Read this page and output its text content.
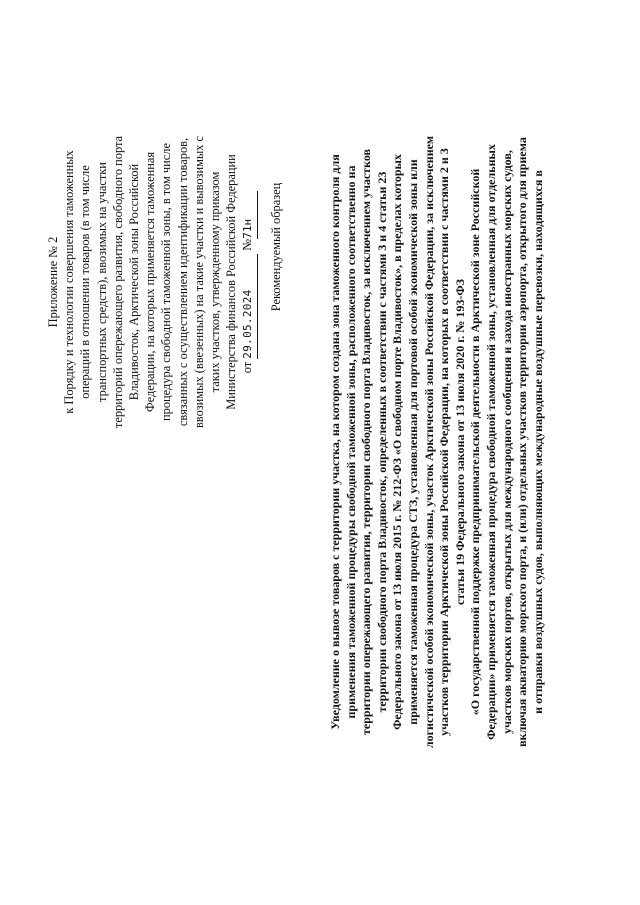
Приложение № 2 к Порядку и технологии совершения таможенных операций в отношении товаров (в том числе транспортных средств), ввозимых на участки территорий опережающего развития, свободного порта Владивосток, Арктической зоны Российской Федерации, на которых применяется таможенная процедура свободной таможенной зоны, в том числе связанных с осуществлением идентификации товаров, ввозимых (ввезенных) на такие участки и вывозимых с таких участков, утвержденному приказом Министерства финансов Российской Федерации от 29.05.2024 №71н Рекомендуемый образец	Уведомление о вывозе товаров с территории участка, на котором создана зона таможенного контроля для применения таможенной процедуры свободной таможенной зоны, расположенного соответственно на территории опережающего развития, территории свободного порта Владивосток, за исключением участков территории свободного порта Владивосток, определенных в соответствии с частями 3 и 4 статьи 23 Федерального закона от 13 июля 2015 г. № 212-ФЗ «О свободном порте Владивосток», в пределах которых применяется таможенная процедура СТЗ, установленная для портовой особой экономической зоны или логистической особой экономической зоны, участок Арктической зоны Российской Федерации, за исключением участков территории Арктической зоны Российской Федерации, на которых в соответствии с частями 2 и 3 статьи 19 Федерального закона от 13 июля 2020 г. № 193-ФЗ «О государственной поддержке предпринимательской деятельности в Арктической зоне Российской Федерации» применяется таможенная процедура свободной таможенной зоны, установленная для отдельных участков морских портов, открытых для международного сообщения и захода иностранных морских судов, включая акваторию морского порта, и (или) отдельных участков территории аэропорта, открытого для приема и отправки воздушных судов, выполняющих международные воздушные перевозки, находящихся в
